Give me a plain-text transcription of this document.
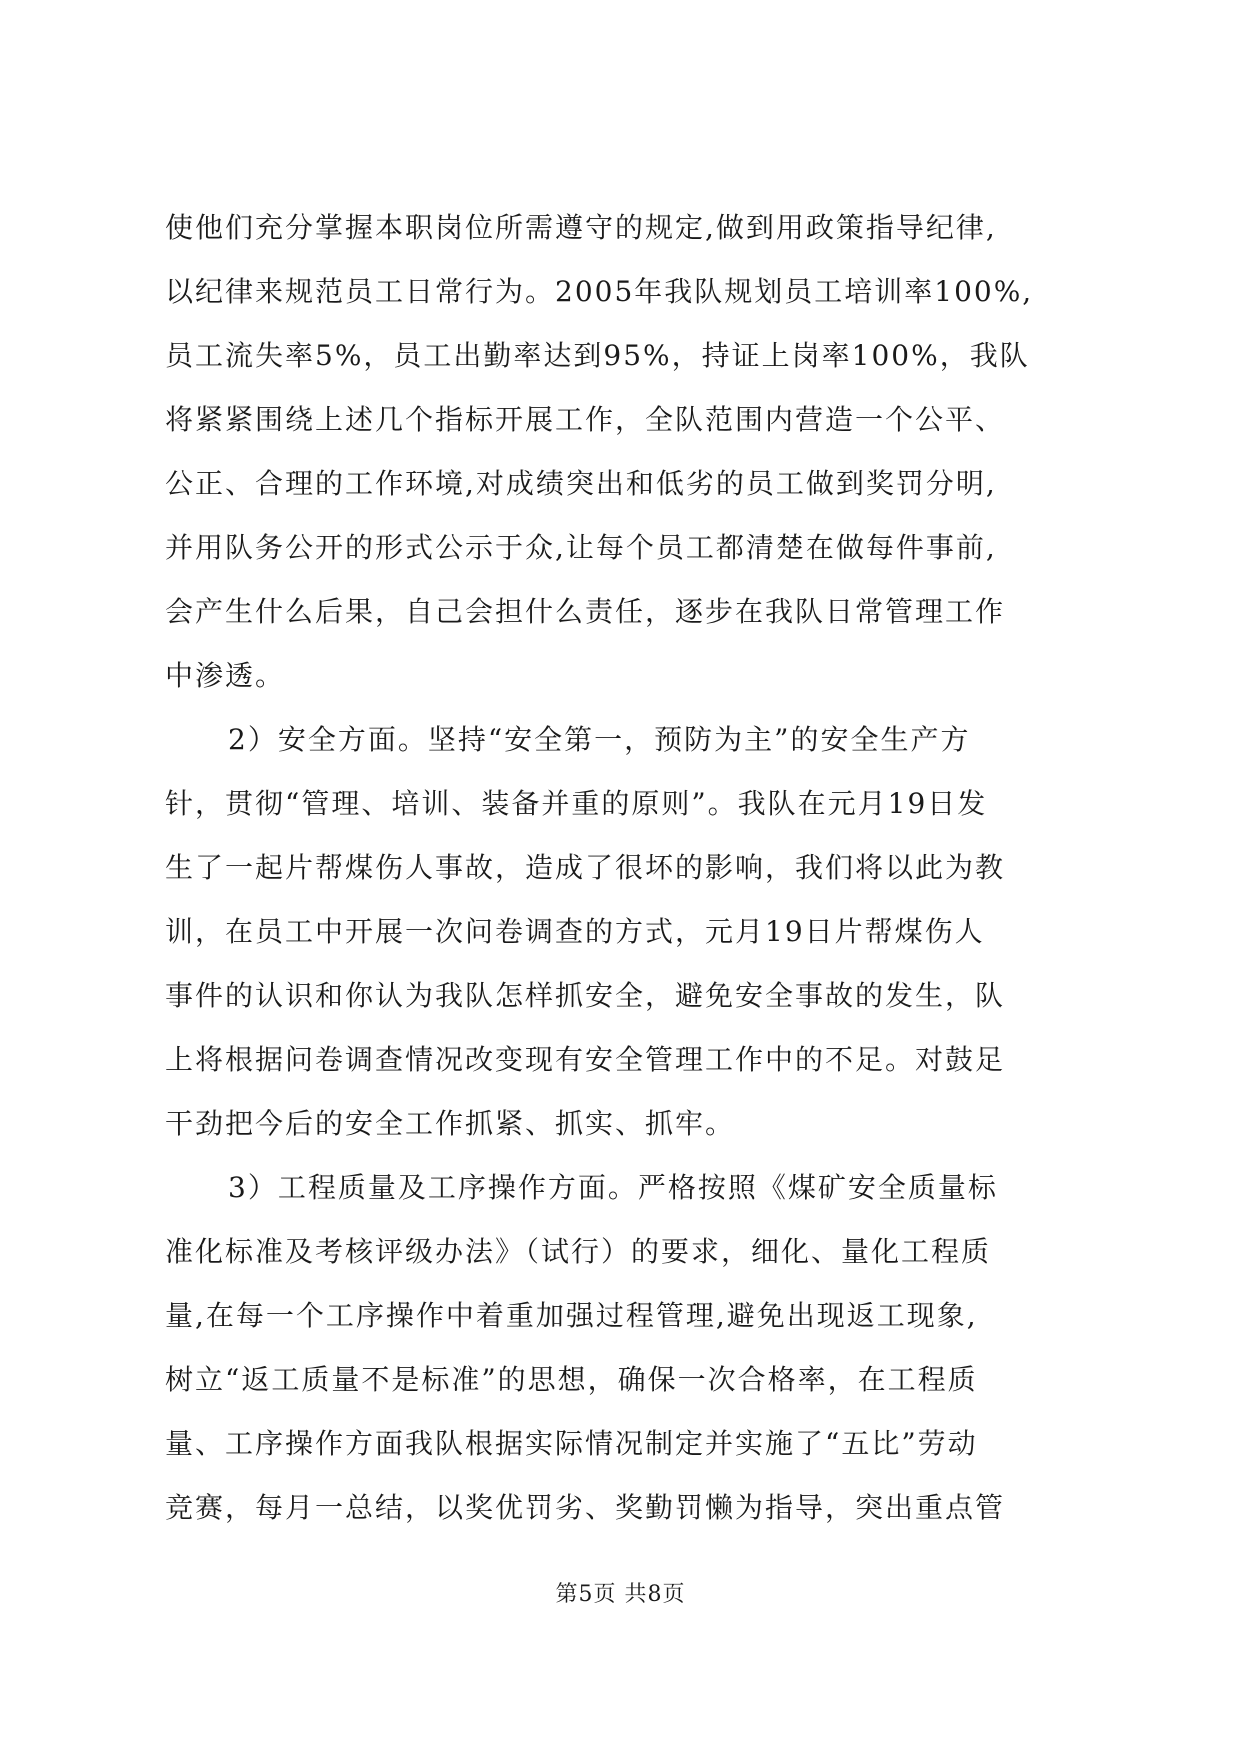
使他们充分掌握本职岗位所需遵守的规定,做到用政策指导纪律,
以纪律来规范员工日常行为。2005年我队规划员工培训率100%,
员工流失率5%，员工出勤率达到95%，持证上岗率100%，我队
将紧紧围绕上述几个指标开展工作，全队范围内营造一个公平、
公正、合理的工作环境,对成绩突出和低劣的员工做到奖罚分明,
并用队务公开的形式公示于众,让每个员工都清楚在做每件事前,
会产生什么后果，自己会担什么责任，逐步在我队日常管理工作
中渗透。
2）安全方面。坚持“安全第一，预防为主”的安全生产方
针，贯彻“管理、培训、装备并重的原则”。我队在元月19日发
生了一起片帮煤伤人事故，造成了很坏的影响，我们将以此为教
训，在员工中开展一次问卷调查的方式，元月19日片帮煤伤人
事件的认识和你认为我队怎样抓安全，避免安全事故的发生，队
上将根据问卷调查情况改变现有安全管理工作中的不足。对鼓足
干劲把今后的安全工作抓紧、抓实、抓牢。
3）工程质量及工序操作方面。严格按照《煤矿安全质量标
准化标准及考核评级办法》（试行）的要求，细化、量化工程质
量,在每一个工序操作中着重加强过程管理,避免出现返工现象,
树立“返工质量不是标准”的思想，确保一次合格率，在工程质
量、工序操作方面我队根据实际情况制定并实施了“五比”劳动
竞赛，每月一总结，以奖优罚劣、奖勤罚懒为指导，突出重点管
第5页 共8页
